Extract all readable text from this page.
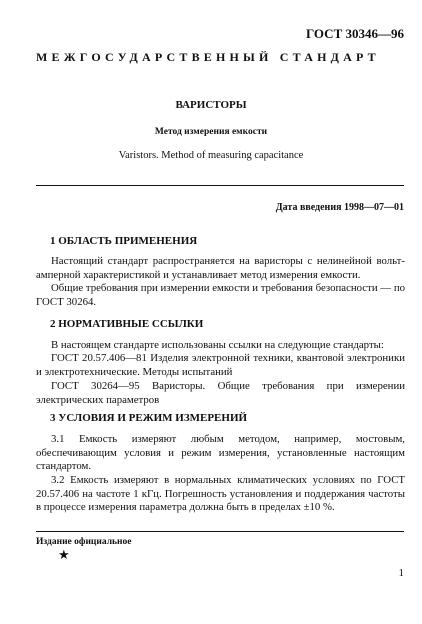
ГОСТ 30346—96
МЕЖГОСУДАРСТВЕННЫЙ СТАНДАРТ
ВАРИСТОРЫ
Метод измерения емкости
Varistors. Method of measuring capacitance
Дата введения 1998—07—01
1 ОБЛАСТЬ ПРИМЕНЕНИЯ
Настоящий стандарт распространяется на варисторы с нелинейной вольт-амперной характеристикой и устанавливает метод измерения емкости.
Общие требования при измерении емкости и требования безопасности — по ГОСТ 30264.
2 НОРМАТИВНЫЕ ССЫЛКИ
В настоящем стандарте использованы ссылки на следующие стандарты:
ГОСТ 20.57.406—81 Изделия электронной техники, квантовой электроники и электротехнические. Методы испытаний
ГОСТ 30264—95 Варисторы. Общие требования при измерении электрических параметров
3 УСЛОВИЯ И РЕЖИМ ИЗМЕРЕНИЙ
3.1 Емкость измеряют любым методом, например, мостовым, обеспечивающим условия и режим измерения, установленные настоящим стандартом.
3.2 Емкость измеряют в нормальных климатических условиях по ГОСТ 20.57.406 на частоте 1 кГц. Погрешность установления и поддержания частоты в процессе измерения параметра должна быть в пределах ±10 %.
Издание официальное
★
1
